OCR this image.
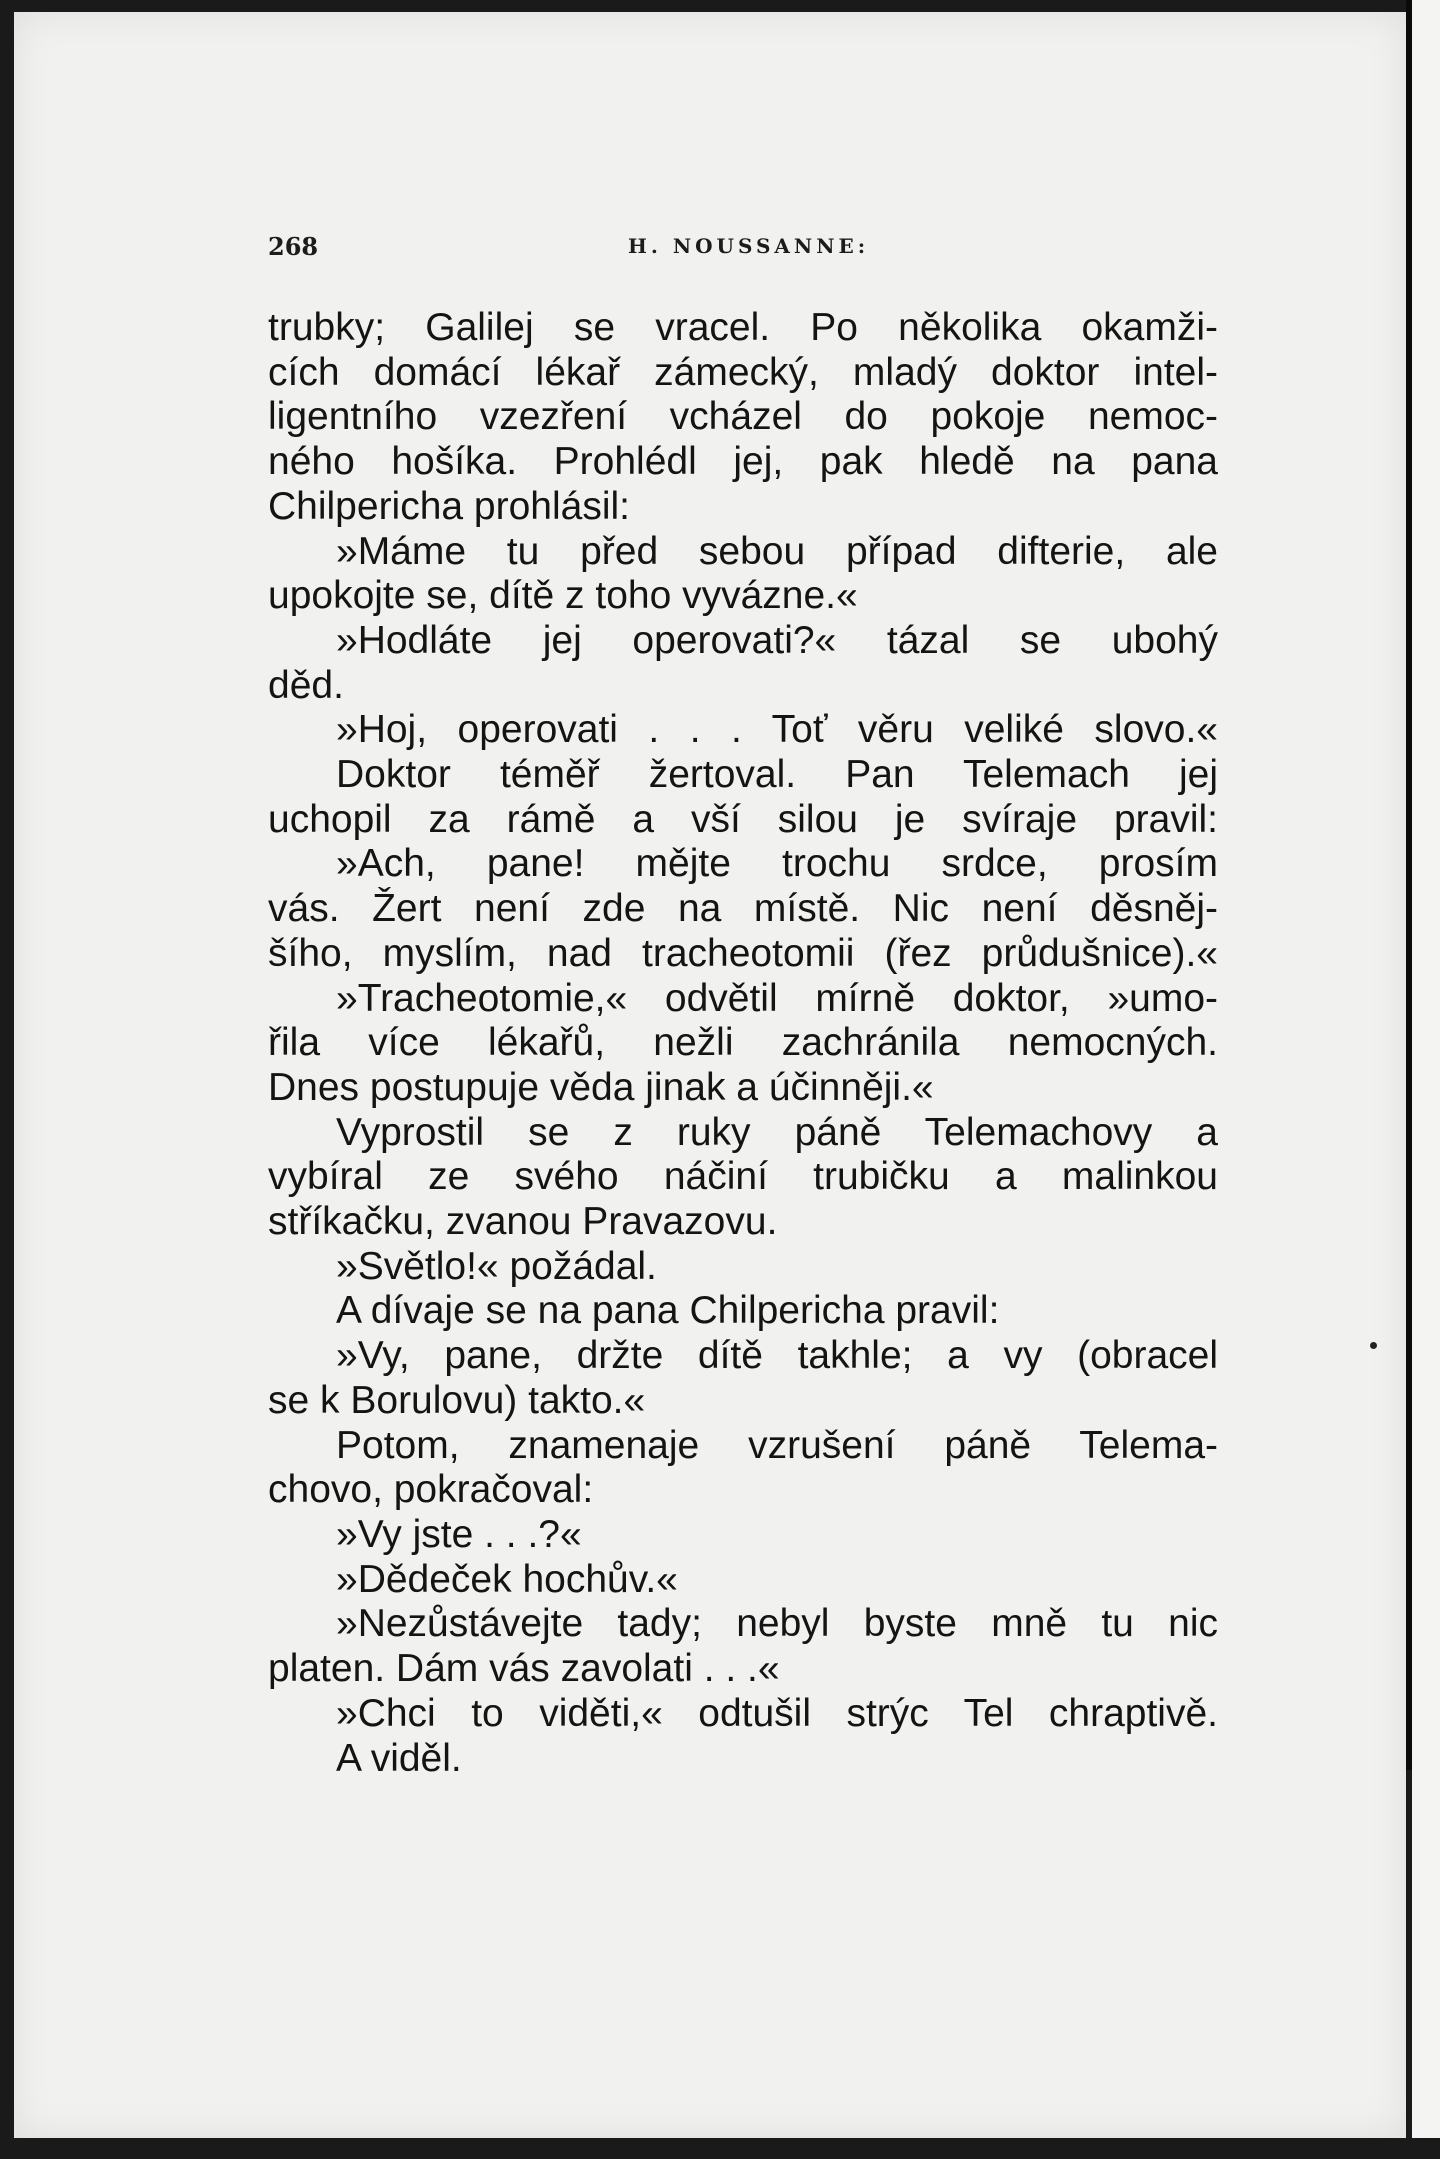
268	H. NOUSSANNE:
trubky; Galilej se vracel. Po několika okamži-
cích domácí lékař zámecký, mladý doktor intel-
ligentního vzezření vcházel do pokoje nemoc-
ného hošíka. Prohlédl jej, pak hledě na pana
Chilpericha prohlásil:
»Máme tu před sebou případ difterie, ale
upokojte se, dítě z toho vyvázne.«
»Hodláte jej operovati?« tázal se ubohý
děd.
»Hoj, operovati . . . Toť věru veliké slovo.«
Doktor téměř žertoval. Pan Telemach jej
uchopil za rámě a vší silou je svíraje pravil:
»Ach, pane! mějte trochu srdce, prosím
vás. Žert není zde na místě. Nic není děsněj-
šího, myslím, nad tracheotomii (řez průdušnice).«
»Tracheotomie,« odvětil mírně doktor, »umo-
řila více lékařů, nežli zachránila nemocných.
Dnes postupuje věda jinak a účinněji.«
Vyprostil se z ruky páně Telemachovy a
vybíral ze svého náčiní trubičku a malinkou
stříkačku, zvanou Pravazovu.
»Světlo!« požádal.
A dívaje se na pana Chilpericha pravil:
»Vy, pane, držte dítě takhle; a vy (obracel
se k Borulovu) takto.«
Potom, znamenaje vzrušení páně Telema-
chovo, pokračoval:
»Vy jste . . .?«
»Dědeček hochův.«
»Nezůstávejte tady; nebyl byste mně tu nic
platen. Dám vás zavolati . . .«
»Chci to viděti,« odtušil strýc Tel chraptivě.
A viděl.
